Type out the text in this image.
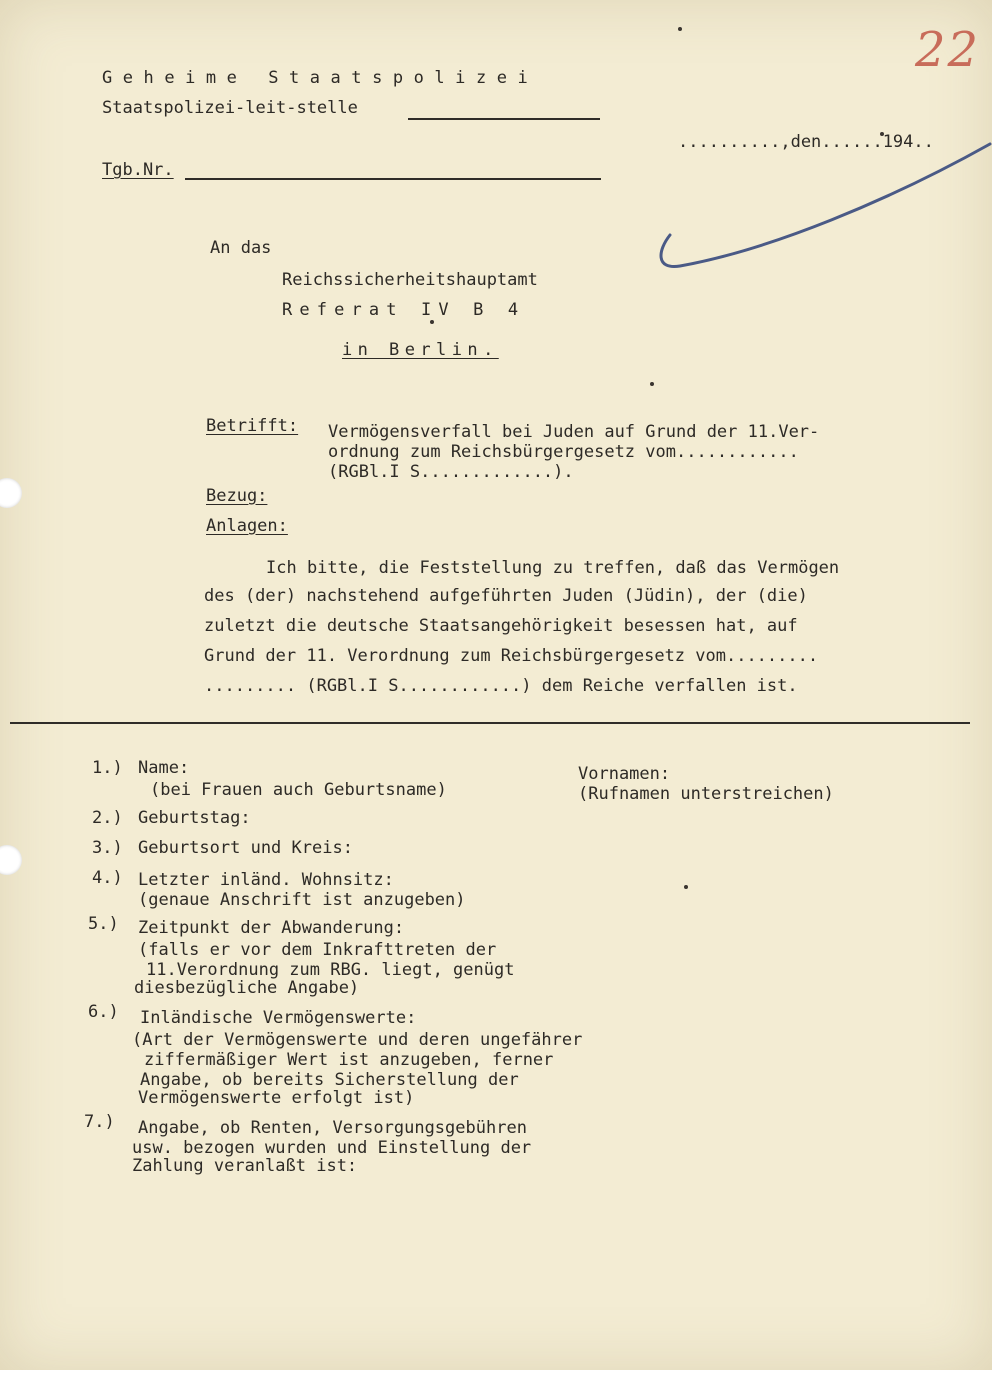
22
Geheime Staatspolizei
Staatspolizei-leit-stelle
..........,den......194..
Tgb.Nr.
An das
Reichssicherheitshauptamt
Referat IV B 4
in Berlin.
Betrifft: Vermögensverfall bei Juden auf Grund der 11.Ver-
ordnung zum Reichsbürgergesetz vom............
(RGBl.I S.............).
Bezug:
Anlagen:
Ich bitte, die Feststellung zu treffen, daß das Vermögen
des (der) nachstehend aufgeführten Juden (Jüdin), der (die)
zuletzt die deutsche Staatsangehörigkeit besessen hat, auf
Grund der 11. Verordnung zum Reichsbürgergesetz vom.........
......... (RGBl.I S............) dem Reiche verfallen ist.
1.) Name:
(bei Frauen auch Geburtsname)
Vornamen:
(Rufnamen unterstreichen)
2.) Geburtstag:
3.) Geburtsort und Kreis:
4.) Letzter inländ. Wohnsitz:
(genaue Anschrift ist anzugeben)
5.) Zeitpunkt der Abwanderung:
(falls er vor dem Inkrafttreten der
11.Verordnung zum RBG. liegt, genügt
diesbezügliche Angabe)
6.) Inländische Vermögenswerte:
(Art der Vermögenswerte und deren ungefährer
ziffermäßiger Wert ist anzugeben, ferner
Angabe, ob bereits Sicherstellung der
Vermögenswerte erfolgt ist)
7.) Angabe, ob Renten, Versorgungsgebühren
usw. bezogen wurden und Einstellung der
Zahlung veranlaßt ist:
